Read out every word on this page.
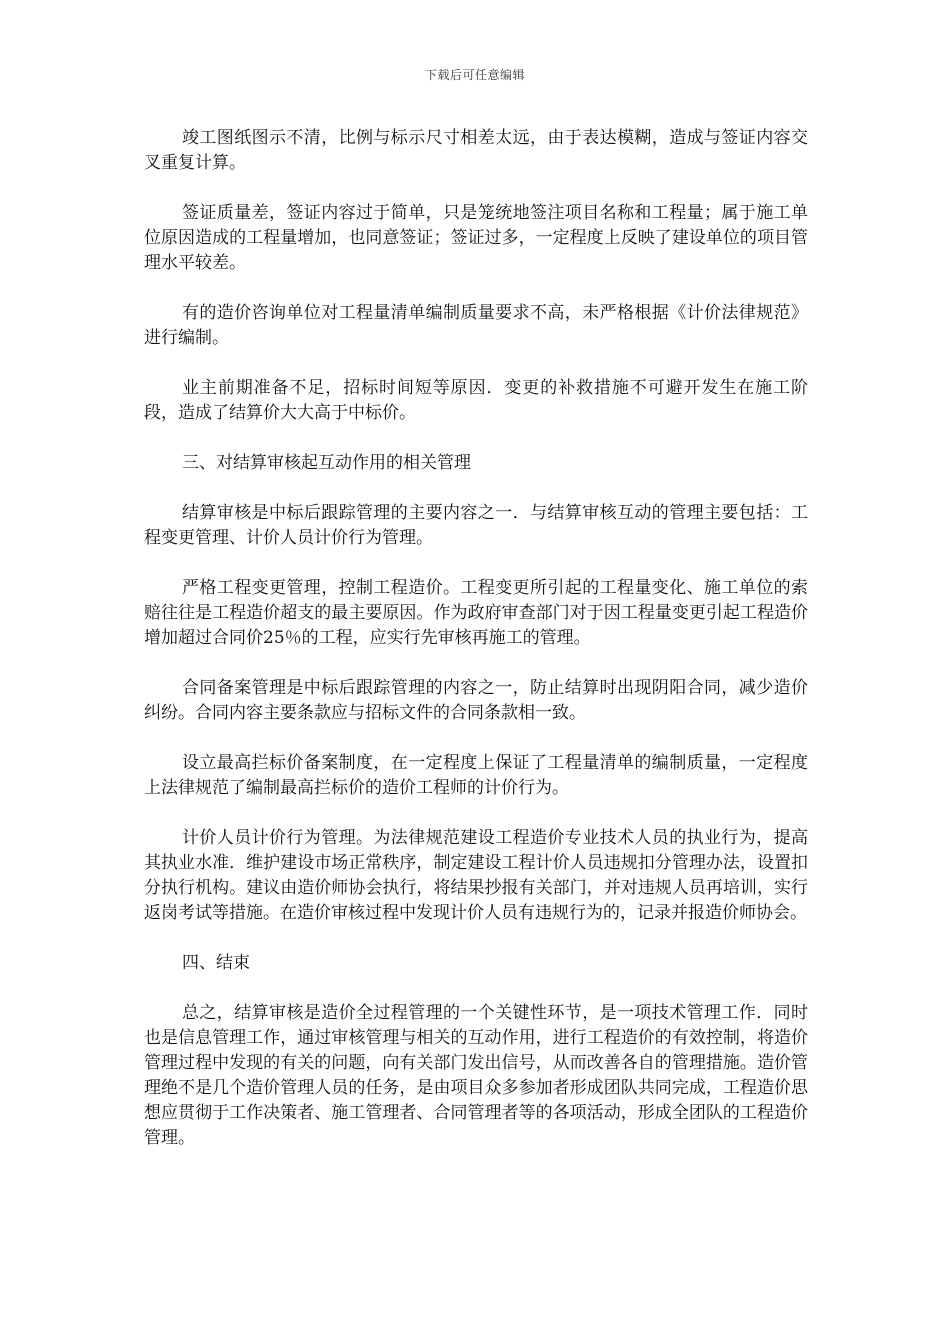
下载后可任意编辑

竣工图纸图示不清，比例与标示尺寸相差太远，由于表达模糊，造成与签证内容交叉重复计算。

签证质量差，签证内容过于简单，只是笼统地签注项目名称和工程量；属于施工单位原因造成的工程量增加，也同意签证；签证过多，一定程度上反映了建设单位的项目管理水平较差。

有的造价咨询单位对工程量清单编制质量要求不高，未严格根据《计价法律规范》进行编制。

业主前期准备不足，招标时间短等原因．变更的补救措施不可避开发生在施工阶段，造成了结算价大大高于中标价。

三、对结算审核起互动作用的相关管理

结算审核是中标后跟踪管理的主要内容之一．与结算审核互动的管理主要包括：工程变更管理、计价人员计价行为管理。

严格工程变更管理，控制工程造价。工程变更所引起的工程量变化、施工单位的索赔往往是工程造价超支的最主要原因。作为政府审查部门对于因工程量变更引起工程造价增加超过合同价25％的工程，应实行先审核再施工的管理。

合同备案管理是中标后跟踪管理的内容之一，防止结算时出现阴阳合同，减少造价纠纷。合同内容主要条款应与招标文件的合同条款相一致。

设立最高拦标价备案制度，在一定程度上保证了工程量清单的编制质量，一定程度上法律规范了编制最高拦标价的造价工程师的计价行为。

计价人员计价行为管理。为法律规范建设工程造价专业技术人员的执业行为，提高其执业水准．维护建设市场正常秩序，制定建设工程计价人员违规扣分管理办法，设置扣分执行机构。建议由造价师协会执行，将结果抄报有关部门，并对违规人员再培训，实行返岗考试等措施。在造价审核过程中发现计价人员有违规行为的，记录并报造价师协会。

四、结束

总之，结算审核是造价全过程管理的一个关键性环节，是一项技术管理工作．同时也是信息管理工作，通过审核管理与相关的互动作用，进行工程造价的有效控制，将造价管理过程中发现的有关的问题，向有关部门发出信号，从而改善各自的管理措施。造价管理绝不是几个造价管理人员的任务，是由项目众多参加者形成团队共同完成，工程造价思想应贯彻于工作决策者、施工管理者、合同管理者等的各项活动，形成全团队的工程造价管理。
